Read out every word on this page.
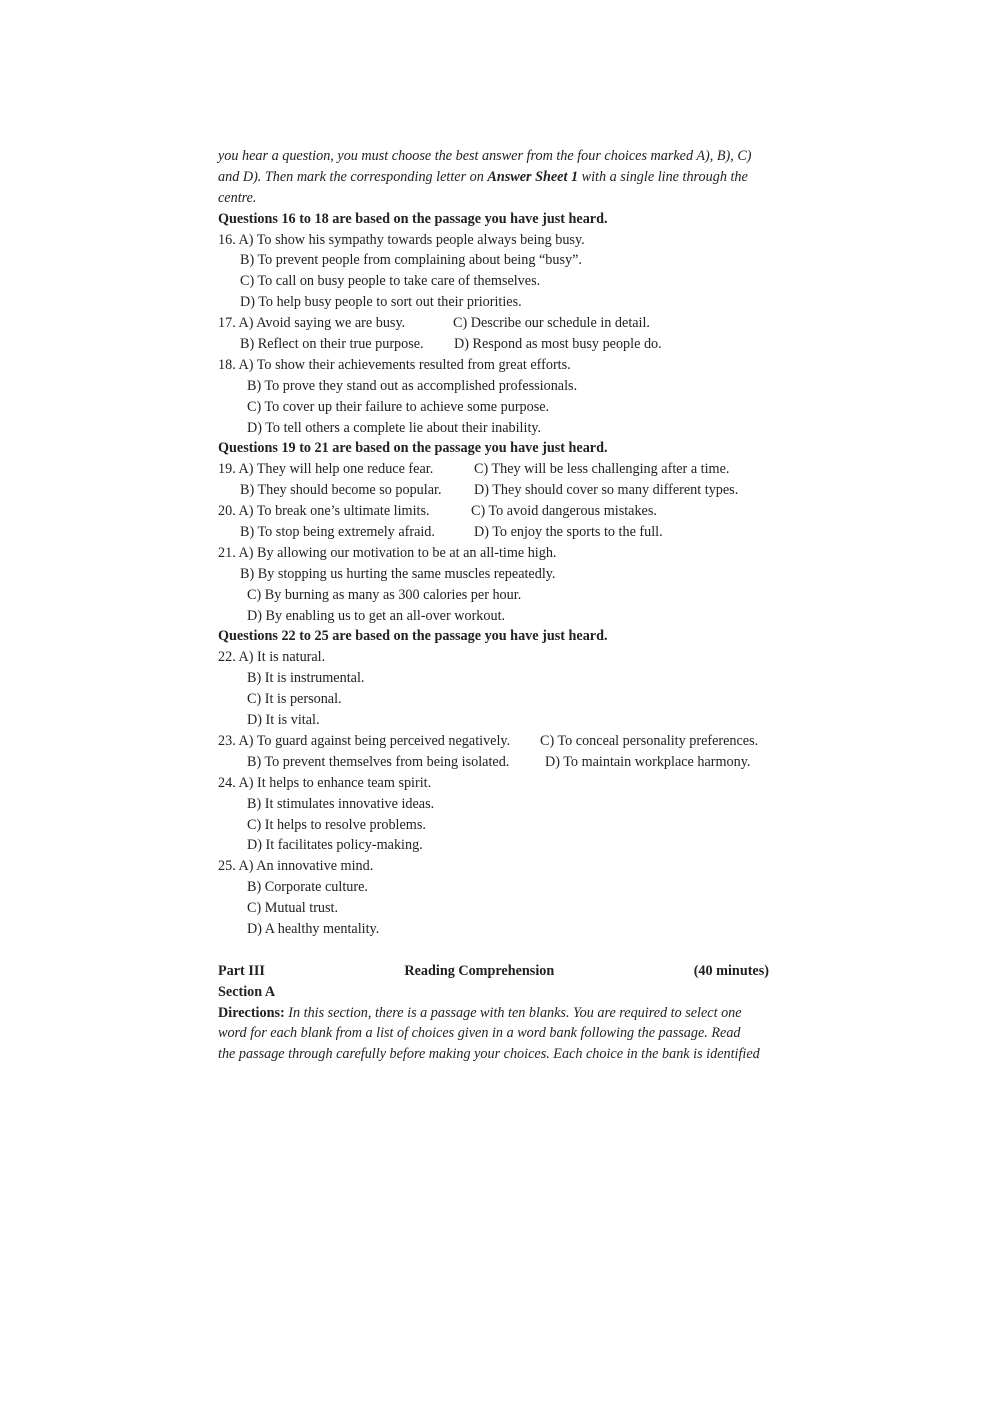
you hear a question, you must choose the best answer from the four choices marked A), B), C)
and D). Then mark the corresponding letter on Answer Sheet 1 with a single line through the
centre.
Questions 16 to 18 are based on the passage you have just heard.
16. A) To show his sympathy towards people always being busy.
B) To prevent people from complaining about being “busy”.
C) To call on busy people to take care of themselves.
D) To help busy people to sort out their priorities.
17. A) Avoid saying we are busy.	C) Describe our schedule in detail.
B) Reflect on their true purpose. D) Respond as most busy people do.
18. A) To show their achievements resulted from great efforts.
B) To prove they stand out as accomplished professionals.
C) To cover up their failure to achieve some purpose.
D) To tell others a complete lie about their inability.
Questions 19 to 21 are based on the passage you have just heard.
19. A) They will help one reduce fear.	C) They will be less challenging after a time.
B) They should become so popular. D) They should cover so many different types.
20. A) To break one’s ultimate limits.	C) To avoid dangerous mistakes.
B) To stop being extremely afraid.	D) To enjoy the sports to the full.
21. A) By allowing our motivation to be at an all-time high.
B) By stopping us hurting the same muscles repeatedly.
C) By burning as many as 300 calories per hour.
D) By enabling us to get an all-over workout.
Questions 22 to 25 are based on the passage you have just heard.
22. A) It is natural.
B) It is instrumental.
C) It is personal.
D) It is vital.
23. A) To guard against being perceived negatively. C) To conceal personality preferences.
B) To prevent themselves from being isolated.	D) To maintain workplace harmony.
24. A) It helps to enhance team spirit.
B) It stimulates innovative ideas.
C) It helps to resolve problems.
D) It facilitates policy-making.
25. A) An innovative mind.
B) Corporate culture.
C) Mutual trust.
D) A healthy mentality.
Part III	Reading Comprehension	(40 minutes)
Section A
Directions: In this section, there is a passage with ten blanks. You are required to select one
word for each blank from a list of choices given in a word bank following the passage. Read
the passage through carefully before making your choices. Each choice in the bank is identified
